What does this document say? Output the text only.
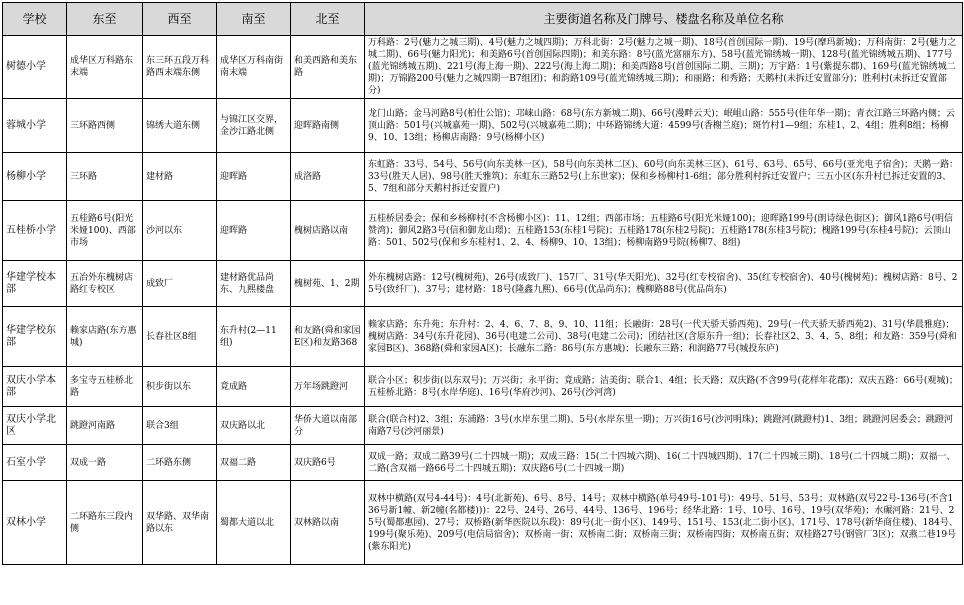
学校	东至	西至	南至	北至	主要街道名称及门牌号、楼盘名称及单位名称
树德小学	成华区万科路东末端	东三环五段万科路西末端东侧	成华区万科南街南末端	和美西路和美东路	万科路：2号(魅力之城三期)、4号(魅力之城四期)；万科北街：2号(魅力之城一期)、18号(首创国际一期)、19号(摩玛新城)；万科南街：2号(魅力之城二期)、66号(魅力阳光)；和美路6号(首创国际四期)；和美东路：8号(蓝光富丽东方)、58号(蓝光锦绣城一期)、128号(蓝光锦绣城五期)、177号(蓝光锦绣城五期)、221号(海上海一期)、222号(海上海二期)；和美西路8号(首创国际二期、三期)；万宇路：1号(紫提东郡)、169号(蓝光锦绣城二期)；万锦路200号(魅力之城四期一B7组团)；和韵路109号(蓝光锦绣城三期)；和丽路；和秀路；天鹅村(未拆迁安置部分)；胜利村(未拆迁安置部分)
蓉城小学	三环路西侧	锦绣大道东侧	与锦江区交界，金沙江路北侧	迎晖路南侧	龙门山路；金马河路8号(柏仕公馆)；邛崃山路：68号(东方新城二期)、66号(漫畔云天)；岷岨山路：555号(佳年华一期)；青衣江路三环路内侧；云顶山路：501号(兴城嘉苑一期)、502号(兴城嘉苑二期)；中环路锦绣大道：4599号(香榭兰庭)；斑竹村1—9组；东桂1、2、4组；胜利8组；杨柳9、10、13组；杨柳店南路：9号(杨柳小区)
杨柳小学	三环路	建材路	迎晖路	成洛路	东虹路：33号、54号、56号(向东美林一区)、58号(向东美林二区)、60号(向东美林三区)、61号、63号、65号、66号(亚光电子宿舍)；天鹅一路：33号(胜天人居)、98号(胜天雅筑)；东虹东三路52号(上东世家)；保和乡杨柳村1-6组；部分胜利村拆迁安置户；三五小区(东升村已拆迁安置的3、5、7组和部分天鹅村拆迁安置户)
五桂桥小学	五桂路6号(阳光米娅100)、西部市场	沙河以东	迎晖路	槐树店路以南	五桂桥居委会；保和乡杨柳村(不含杨柳小区)：11、12组；西部市场；五桂路6号(阳光米娅100)；迎晖路199号(朗诗绿色街区)；御风1路6号(明信赞湾)；御风2路3号(信和御龙山璟)；五桂路153(东桂1号院)；五桂路178(东桂2号院)；五桂路178(东桂3号院)；槐路199号(东桂4号院)；云顶山路：501、502号(保和乡东桂村1、2、4、杨柳9、10、13组)；杨柳南路9号院(杨柳7、8组)
华建学校本部	五冶外东槐树店路红专校区	成致厂	建材路优品尚东、九熙楼盘	槐树苑、1、2期	外东槐树店路：12号(槐树苑)、26号(成致厂)、157厂、31号(华天阳光)、32号(红专校宿舍)、35(红专校宿舍)、40号(槐树苑)；槐树店路：8号、25号(致纤厂)、37号；建材路：18号(隆鑫九熙)、66号(优品尚东)；槐柳路88号(优品尚东)
华建学校东部	赖家店路(东方惠城)	长春社区8组	东升村(2—11组)	和友路(舜和家园E区)和友路368	赖家店路；东升苑；东升村：2、4、6、7、8、9、10、11组；长融街：28号(一代天骄天骄西苑)、29号(一代天骄天骄西苑2)、31号(华晨雅庭)；槐树店路：34号(东升花园)、36号(电建二公司)、38号(电建二公司)；团结社区(含原东升一组)；长春社区2、3、4、5、8组；和友路：359号(舜和家园B区)、368路(舜和家园A区)；长融东二路：86号(东方惠城)；长融东三路；和润路77号(城投东庐)
双庆小学本部	多宝寺五桂桥北路	积步街以东	竟成路	万年场跳蹬河	联合小区；积步街(以东双号)；万兴街；永平街；竟成路；洁美街；联合1、4组；长天路；双庆路(不含99号(花样年花郡)；双庆五路：66号(观城)；五桂桥北路：8号(水岸华庭)、16号(华府沙河)、26号(沙河湾)
双庆小学北区	跳蹬河南路	联合3组	双庆路以北	华侨大道以南部分	联合(联合村)2、3组；东浦路：3号(水岸东里二期)、5号(水岸东里一期)；万兴街16号(沙河明珠)；跳蹬河(跳蹬村)1、3组；跳蹬河居委会；跳蹬河南路7号(沙河丽景)
石室小学	双成一路	二环路东侧	双福二路	双庆路6号	双成一路；双成二路39号(二十四城一期)；双成三路：15(二十四城六期)、16(二十四城四期)、17(二十四城三期)、18号(二十四城二期)；双福一、二路(含双福一路66号二十四城五期)；双庆路6号(二十四城一期)
双林小学	二环路东三段内侧	双华路、双华南路以东	蜀都大道以北	双林路以南	双林中横路(双号4-44号)：4号(北新苑)、6号、8号、14号；双林中横路(单号49号-101号)：49号、51号、53号；双林路(双号22号-136号(不含136号新1幢、新2幢(名都楼)))：22号、24号、26号、44号、136号、196号；经华北路：1号、10号、16号、19号(双华苑)；水碾河路：21号、25号(蜀都惠园)、27号；双桥路(新华医院以东段)：89号(北一街小区)、149号、151号、153(北二街小区)、171号、178号(新华商住楼)、184号、199号(聚乐苑)、209号(电信局宿舍)；双桥南一街；双桥南二街；双桥南三街；双桥南四街；双桥南五街；双桂路27号(钢管厂3区)；双燕二巷19号(紫东阳光)
